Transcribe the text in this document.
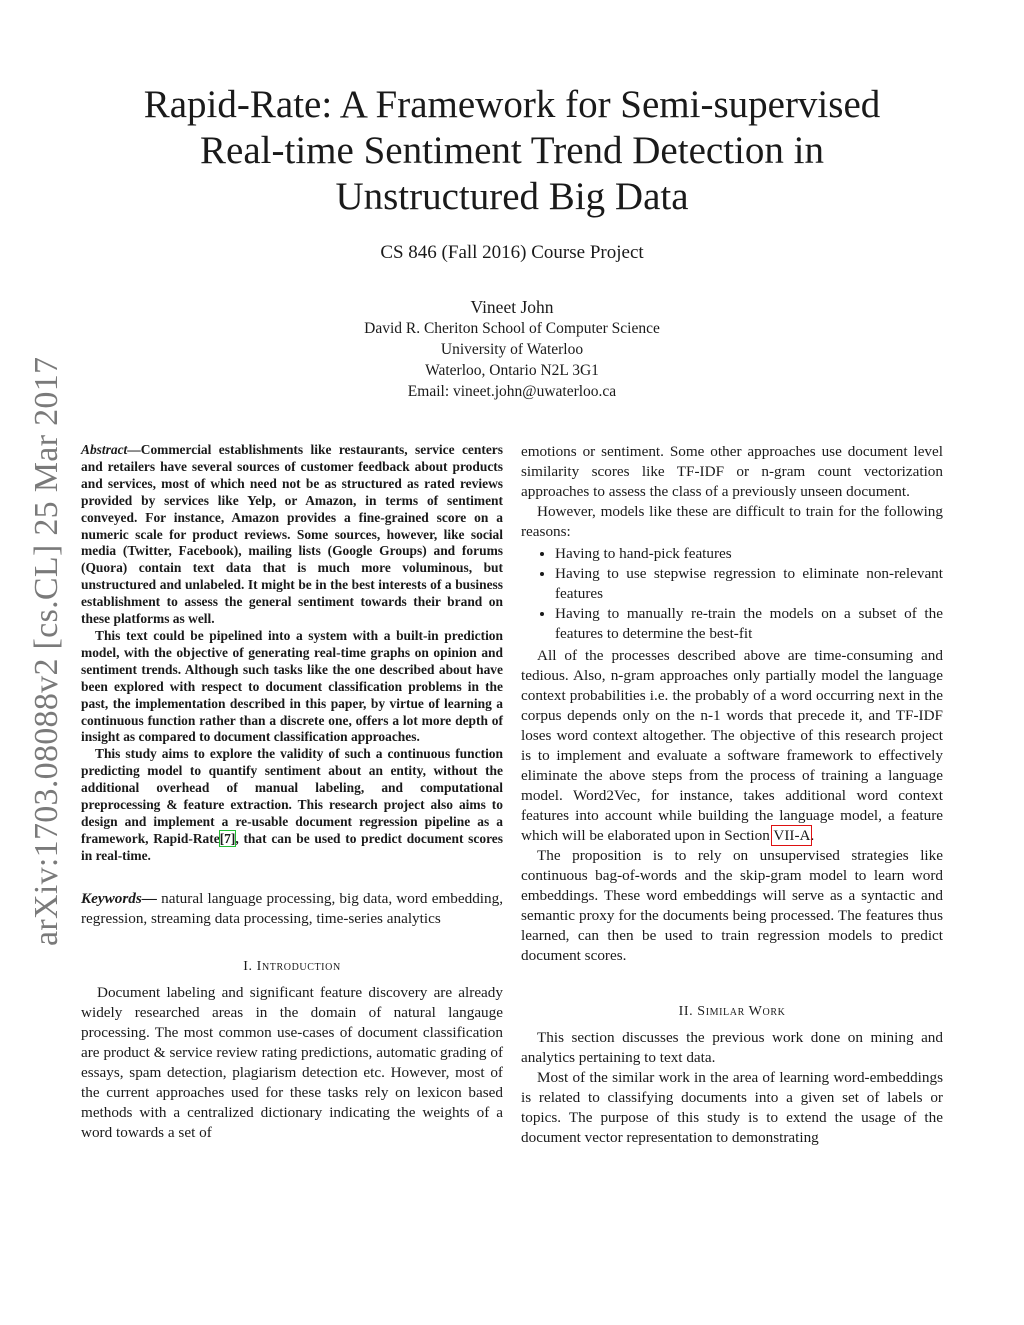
arXiv:1703.08088v2 [cs.CL] 25 Mar 2017
Rapid-Rate: A Framework for Semi-supervised
Real-time Sentiment Trend Detection in
Unstructured Big Data
CS 846 (Fall 2016) Course Project
Vineet John
David R. Cheriton School of Computer Science
University of Waterloo
Waterloo, Ontario N2L 3G1
Email: vineet.john@uwaterloo.ca

Abstract—Commercial establishments like restaurants, service centers and retailers have several sources of customer feedback about products and services, most of which need not be as structured as rated reviews provided by services like Yelp, or Amazon, in terms of sentiment conveyed. For instance, Amazon provides a fine-grained score on a numeric scale for product reviews. Some sources, however, like social media (Twitter, Facebook), mailing lists (Google Groups) and forums (Quora) contain text data that is much more voluminous, but unstructured and unlabeled. It might be in the best interests of a business establishment to assess the general sentiment towards their brand on these platforms as well.

This text could be pipelined into a system with a built-in prediction model, with the objective of generating real-time graphs on opinion and sentiment trends. Although such tasks like the one described about have been explored with respect to document classification problems in the past, the implementation described in this paper, by virtue of learning a continuous function rather than a discrete one, offers a lot more depth of insight as compared to document classification approaches.

This study aims to explore the validity of such a continuous function predicting model to quantify sentiment about an entity, without the additional overhead of manual labeling, and computational preprocessing & feature extraction. This research project also aims to design and implement a re-usable document regression pipeline as a framework, Rapid-Rate[7], that can be used to predict document scores in real-time.

Keywords— natural language processing, big data, word embedding, regression, streaming data processing, time-series analytics
I. Introduction

Document labeling and significant feature discovery are already widely researched areas in the domain of natural langauge processing. The most common use-cases of document classification are product & service review rating predictions, automatic grading of essays, spam detection, plagiarism detection etc. However, most of the current approaches used for these tasks rely on lexicon based methods with a centralized dictionary indicating the weights of a word towards a set of

emotions or sentiment. Some other approaches use document level similarity scores like TF-IDF or n-gram count vectorization approaches to assess the class of a previously unseen document.

However, models like these are difficult to train for the following reasons:

• Having to hand-pick features
• Having to use stepwise regression to eliminate non-relevant features
• Having to manually re-train the models on a subset of the features to determine the best-fit

All of the processes described above are time-consuming and tedious. Also, n-gram approaches only partially model the language context probabilities i.e. the probably of a word occurring next in the corpus depends only on the n-1 words that precede it, and TF-IDF loses word context altogether. The objective of this research project is to implement and evaluate a software framework to effectively eliminate the above steps from the process of training a language model. Word2Vec, for instance, takes additional word context features into account while building the language model, a feature which will be elaborated upon in Section VII-A.

The proposition is to rely on unsupervised strategies like continuous bag-of-words and the skip-gram model to learn word embeddings. These word embeddings will serve as a syntactic and semantic proxy for the documents being processed. The features thus learned, can then be used to train regression models to predict document scores.

II. Similar Work

This section discusses the previous work done on mining and analytics pertaining to text data.

Most of the similar work in the area of learning word-embeddings is related to classifying documents into a given set of labels or topics. The purpose of this study is to extend the usage of the document vector representation to demonstrating
